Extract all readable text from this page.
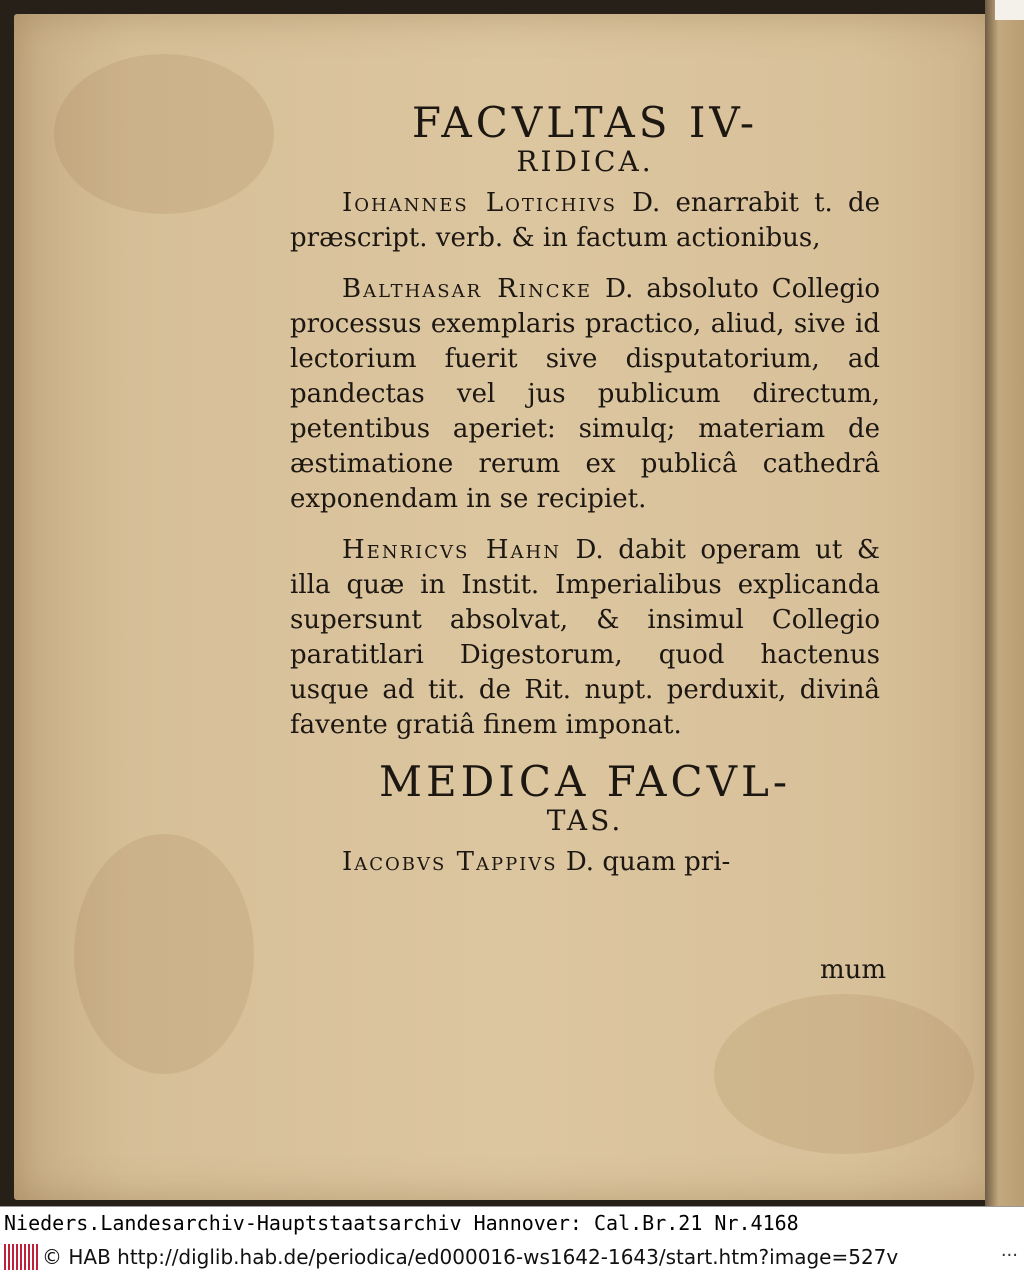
FACVLTAS IV-

RIDICA.

Iohannes Lotichivs D. enarrabit t. de præscript. verb. & in factum actionibus,

Balthasar Rincke D. absoluto Collegio processus exemplaris practico, aliud, sive id lectorium fuerit sive disputatorium, ad pandectas vel jus publicum directum, petentibus aperiet: simulq; materiam de æstimatione rerum ex publicâ cathedrâ exponendam in se recipiet.

Henricvs Hahn D. dabit operam ut & illa quæ in Instit. Imperialibus explicanda supersunt absolvat, & insimul Collegio paratitlari Digestorum, quod hactenus usque ad tit. de Rit. nupt. perduxit, divinâ favente gratiâ finem imponat.

MEDICA FACVL-

TAS.

Iacobvs Tappivs D. quam pri-

mum
Nieders.Landesarchiv-Hauptstaatsarchiv Hannover: Cal.Br.21 Nr.4168
© HAB http://diglib.hab.de/periodica/ed000016-ws1642-1643/start.htm?image=527v	···
